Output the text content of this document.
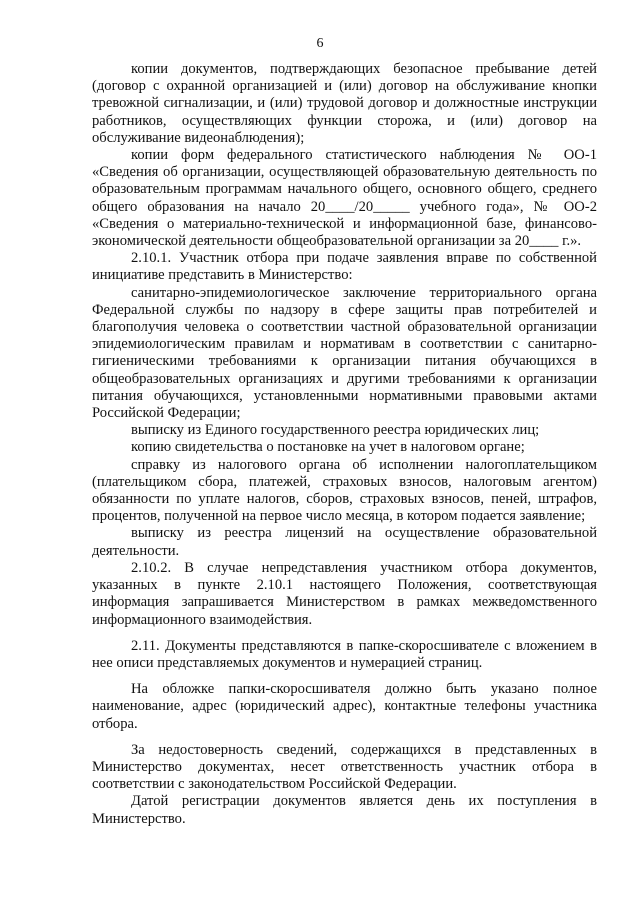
6

копии документов, подтверждающих безопасное пребывание детей (договор с охранной организацией и (или) договор на обслуживание кнопки тревожной сигнализации, и (или) трудовой договор и должностные инструкции работников, осуществляющих функции сторожа, и (или) договор на обслуживание видеонаблюдения);

копии форм федерального статистического наблюдения № ОО-1 «Сведения об организации, осуществляющей образовательную деятельность по образовательным программам начального общего, основного общего, среднего общего образования на начало 20____/20_____ учебного года», № ОО-2 «Сведения о материально-технической и информационной базе, финансово-экономической деятельности общеобразовательной организации за 20____ г.».

2.10.1. Участник отбора при подаче заявления вправе по собственной инициативе представить в Министерство:

санитарно-эпидемиологическое заключение территориального органа Федеральной службы по надзору в сфере защиты прав потребителей и благополучия человека о соответствии частной образовательной организации эпидемиологическим правилам и нормативам в соответствии с санитарно-гигиеническими требованиями к организации питания обучающихся в общеобразовательных организациях и другими требованиями к организации питания обучающихся, установленными нормативными правовыми актами Российской Федерации;

выписку из Единого государственного реестра юридических лиц;

копию свидетельства о постановке на учет в налоговом органе;

справку из налогового органа об исполнении налогоплательщиком (плательщиком сбора, платежей, страховых взносов, налоговым агентом) обязанности по уплате налогов, сборов, страховых взносов, пеней, штрафов, процентов, полученной на первое число месяца, в котором подается заявление;

выписку из реестра лицензий на осуществление образовательной деятельности.

2.10.2. В случае непредставления участником отбора документов, указанных в пункте 2.10.1 настоящего Положения, соответствующая информация запрашивается Министерством в рамках межведомственного информационного взаимодействия.

2.11. Документы представляются в папке-скоросшивателе с вложением в нее описи представляемых документов и нумерацией страниц.

На обложке папки-скоросшивателя должно быть указано полное наименование, адрес (юридический адрес), контактные телефоны участника отбора.

За недостоверность сведений, содержащихся в представленных в Министерство документах, несет ответственность участник отбора в соответствии с законодательством Российской Федерации.

Датой регистрации документов является день их поступления в Министерство.
